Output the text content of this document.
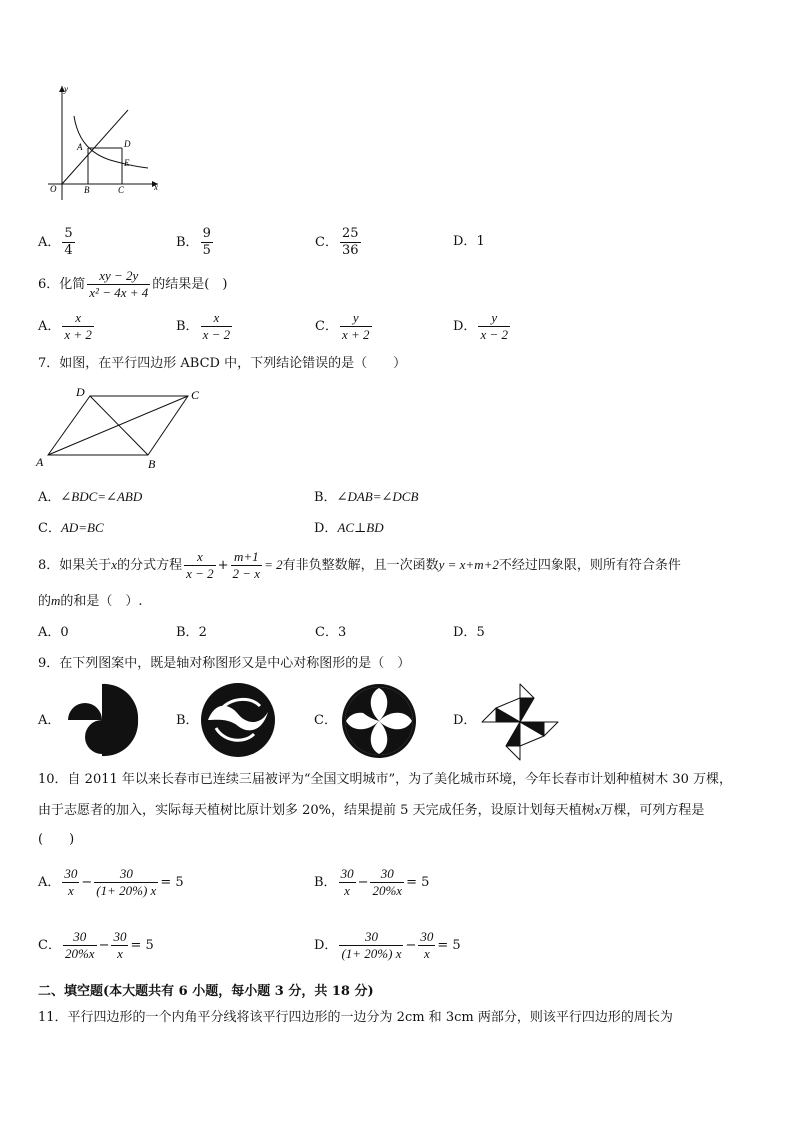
y
x
O
A
B	C
D
E
A． $\frac{5}{4}$	B． $\frac{9}{5}$	C． $\frac{25}{36}$	D．1
6．化简 $\frac{xy - 2y}{\text{x² − 4x + 4}}$ 的结果是(　)
A． $\frac{x}{x + 2}$	B． $\frac{x}{x - 2}$	C． $\frac{y}{x + 2}$	D． $\frac{y}{x - 2}$
7．如图，在平行四边形 ABCD 中，下列结论错误的是（　　）
A	B
C
D
A．∠BDC=∠ABD	B．∠DAB=∠DCB
C．AD=BC	D．AC⊥BD
8．如果关于x的分式方程 $\frac{x}{x - 2} + \frac{m+1}{2 - x} = 2$有非负整数解，且一次函数y = x+m+2不经过四象限，则所有符合条件
的m的和是（　）.
A．0	B．2	C．3	D．5
9．在下列图案中，既是轴对称图形又是中心对称图形的是（　）
A．	B．	C．	D．
10．自 2011 年以来长春市已连续三届被评为“全国文明城市”，为了美化城市环境，今年长春市计划种植树木 30 万棵，
由于志愿者的加入，实际每天植树比原计划多 20%，结果提前 5 天完成任务，设原计划每天植树x万棵，可列方程是
(　　)
A． $\frac{30}{x} - \frac{30}{(1+ 20\%) x} = 5$	B． $\frac{30}{x} - \frac{30}{20\%x} = 5$
C． $\frac{30}{20\%x} - \frac{30}{x} = 5$	D． $\frac{30}{(1+ 20\%) x} - \frac{30}{x} = 5$
二、填空题(本大题共有 6 小题，每小题 3 分，共 18 分)
11．平行四边形的一个内角平分线将该平行四边形的一边分为 2cm 和 3cm 两部分，则该平行四边形的周长为
